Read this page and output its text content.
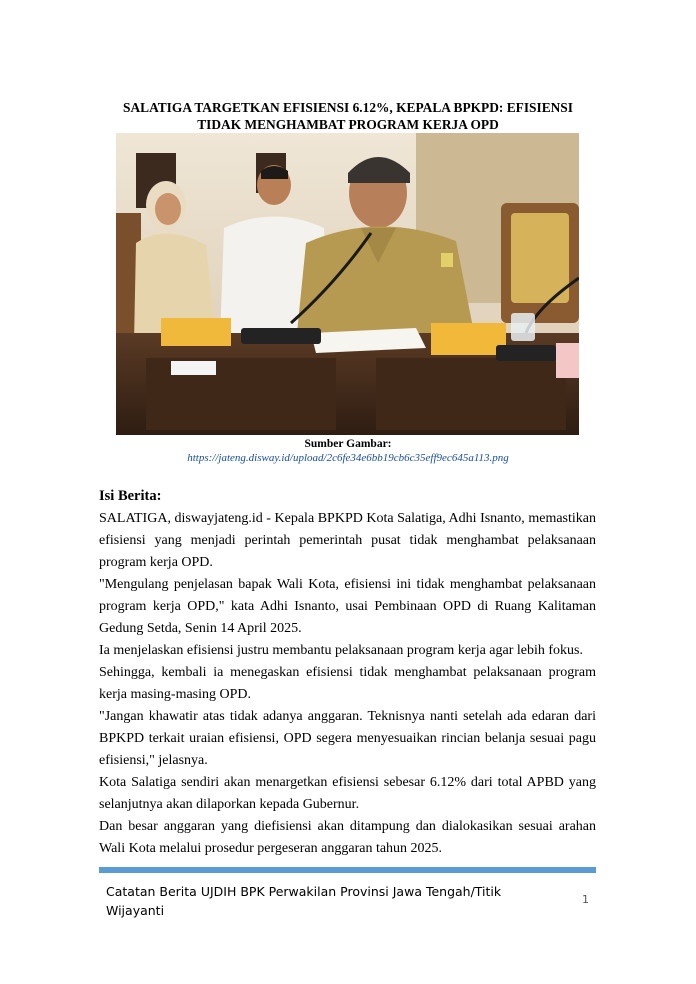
SALATIGA TARGETKAN EFISIENSI 6.12%, KEPALA BPKPD: EFISIENSI
TIDAK MENGHAMBAT PROGRAM KERJA OPD
Sumber Gambar:
https://jateng.disway.id/upload/2c6fe34e6bb19cb6c35eff9ec645a113.png
Isi Berita:

SALATIGA, diswayjateng.id - Kepala BPKPD Kota Salatiga, Adhi Isnanto, memastikan efisiensi yang menjadi perintah pemerintah pusat tidak menghambat pelaksanaan program kerja OPD.

"Mengulang penjelasan bapak Wali Kota, efisiensi ini tidak menghambat pelaksanaan program kerja OPD," kata Adhi Isnanto, usai Pembinaan OPD di Ruang Kalitaman Gedung Setda, Senin 14 April 2025.

Ia menjelaskan efisiensi justru membantu pelaksanaan program kerja agar lebih fokus.

Sehingga, kembali ia menegaskan efisiensi tidak menghambat pelaksanaan program kerja masing-masing OPD.

"Jangan khawatir atas tidak adanya anggaran. Teknisnya nanti setelah ada edaran dari BPKPD terkait uraian efisiensi, OPD segera menyesuaikan rincian belanja sesuai pagu efisiensi," jelasnya.

Kota Salatiga sendiri akan menargetkan efisiensi sebesar 6.12% dari total APBD yang selanjutnya akan dilaporkan kepada Gubernur.

Dan besar anggaran yang diefisiensi akan ditampung dan dialokasikan sesuai arahan Wali Kota melalui prosedur pergeseran anggaran tahun 2025.

Catatan Berita UJDIH BPK Perwakilan Provinsi Jawa Tengah/Titik Wijayanti
1
